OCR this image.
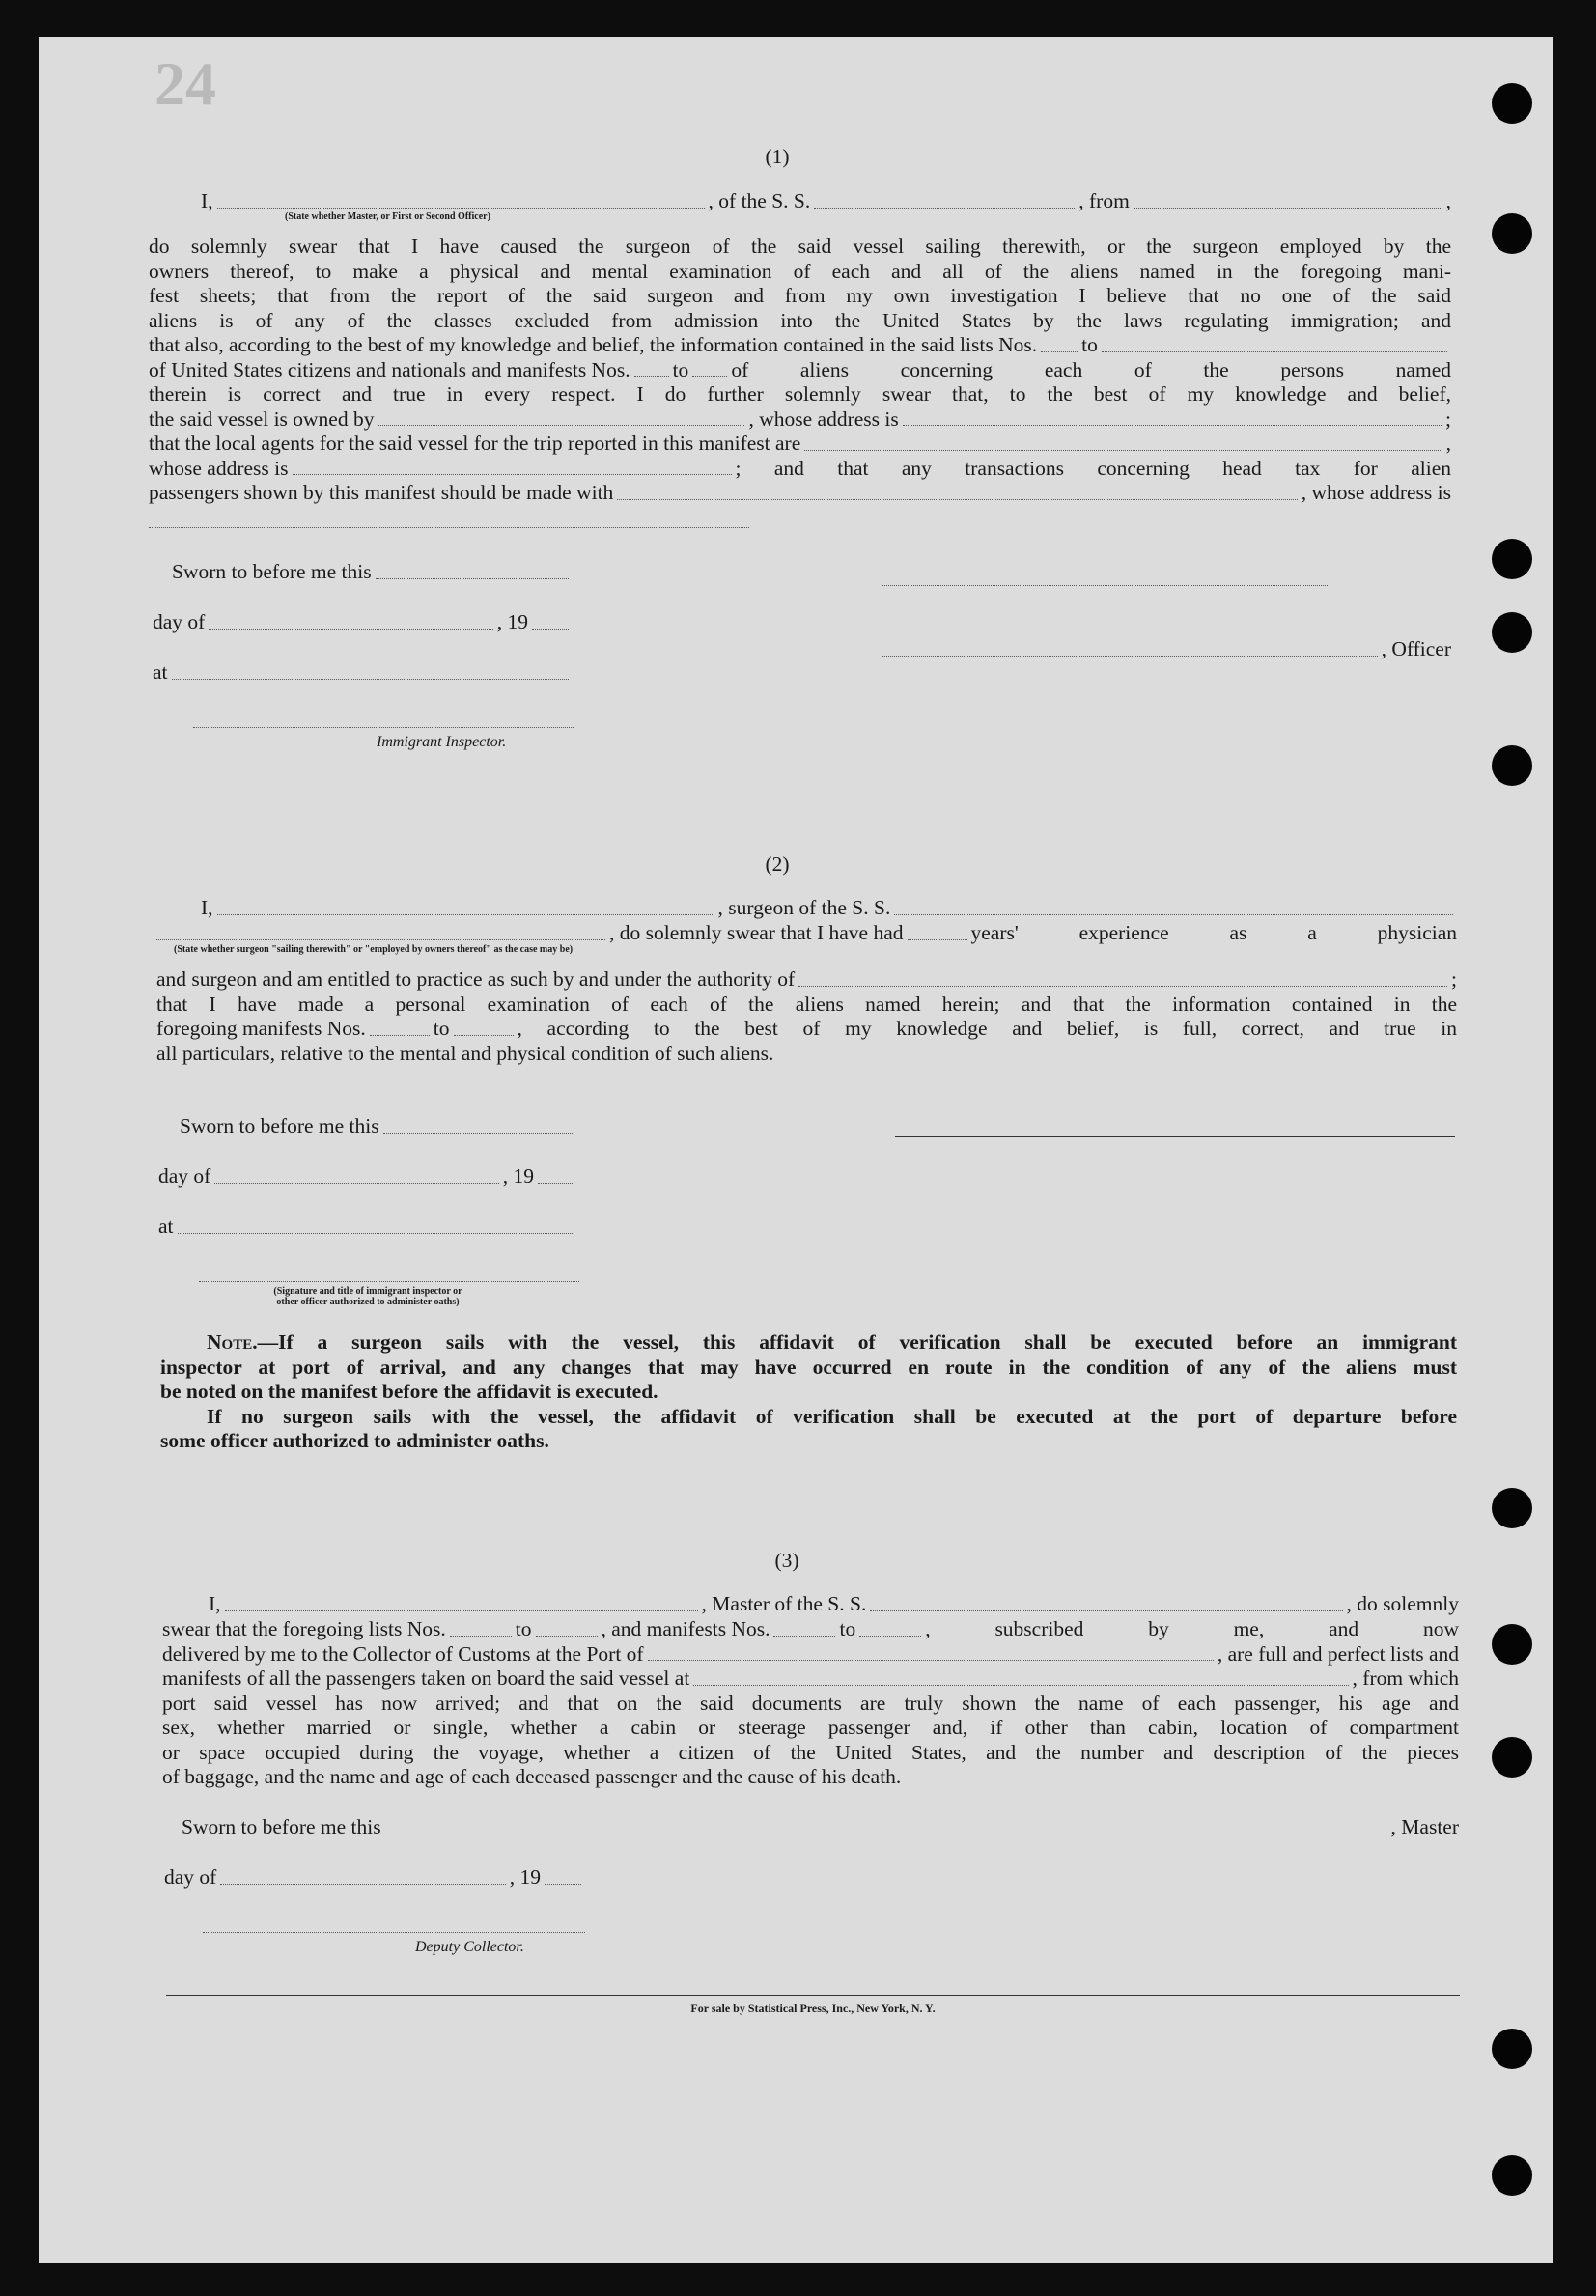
24
(1)
I,	, of the S. S.	, from	,
(State whether Master, or First or Second Officer)
do solemnly swear that I have caused the surgeon of the said vessel sailing therewith, or the surgeon employed by the
owners thereof, to make a physical and mental examination of each and all of the aliens named in the foregoing mani-
fest sheets; that from the report of the said surgeon and from my own investigation I believe that no one of the said
aliens is of any of the classes excluded from admission into the United States by the laws regulating immigration; and
that also, according to the best of my knowledge and belief, the information contained in the said lists Nos. to
of United States citizens and nationals and manifests Nos. to of aliens concerning each of the persons named
therein is correct and true in every respect. I do further solemnly swear that, to the best of my knowledge and belief,
the said vessel is owned by	, whose address is	;
that the local agents for the said vessel for the trip reported in this manifest are	,
whose address is	; and that any transactions concerning head tax for alien
passengers shown by this manifest should be made with	, whose address is
Sworn to before me this
day of	, 19
at
Immigrant Inspector.
, Officer
(2)
I,	, surgeon of the S. S.
, do solemnly swear that I have had	years' experience as a physician
(State whether surgeon "sailing therewith" or "employed by owners thereof" as the case may be)
and surgeon and am entitled to practice as such by and under the authority of	;
that I have made a personal examination of each of the aliens named herein; and that the information contained in the
foregoing manifests Nos.	to	, according to the best of my knowledge and belief, is full, correct, and true in
all particulars, relative to the mental and physical condition of such aliens.
Sworn to before me this
day of	, 19
at
(Signature and title of immigrant inspector or
other officer authorized to administer oaths)
Note.—If a surgeon sails with the vessel, this affidavit of verification shall be executed before an immigrant
inspector at port of arrival, and any changes that may have occurred en route in the condition of any of the aliens must
be noted on the manifest before the affidavit is executed.
If no surgeon sails with the vessel, the affidavit of verification shall be executed at the port of departure before
some officer authorized to administer oaths.
(3)
I,	, Master of the S. S.	, do solemnly
swear that the foregoing lists Nos.	to	, and manifests Nos.	to	, subscribed by me, and now
delivered by me to the Collector of Customs at the Port of	, are full and perfect lists and
manifests of all the passengers taken on board the said vessel at	, from which
port said vessel has now arrived; and that on the said documents are truly shown the name of each passenger, his age and
sex, whether married or single, whether a cabin or steerage passenger and, if other than cabin, location of compartment
or space occupied during the voyage, whether a citizen of the United States, and the number and description of the pieces
of baggage, and the name and age of each deceased passenger and the cause of his death.
Sworn to before me this	, Master
day of	, 19
Deputy Collector.
For sale by Statistical Press, Inc., New York, N. Y.
